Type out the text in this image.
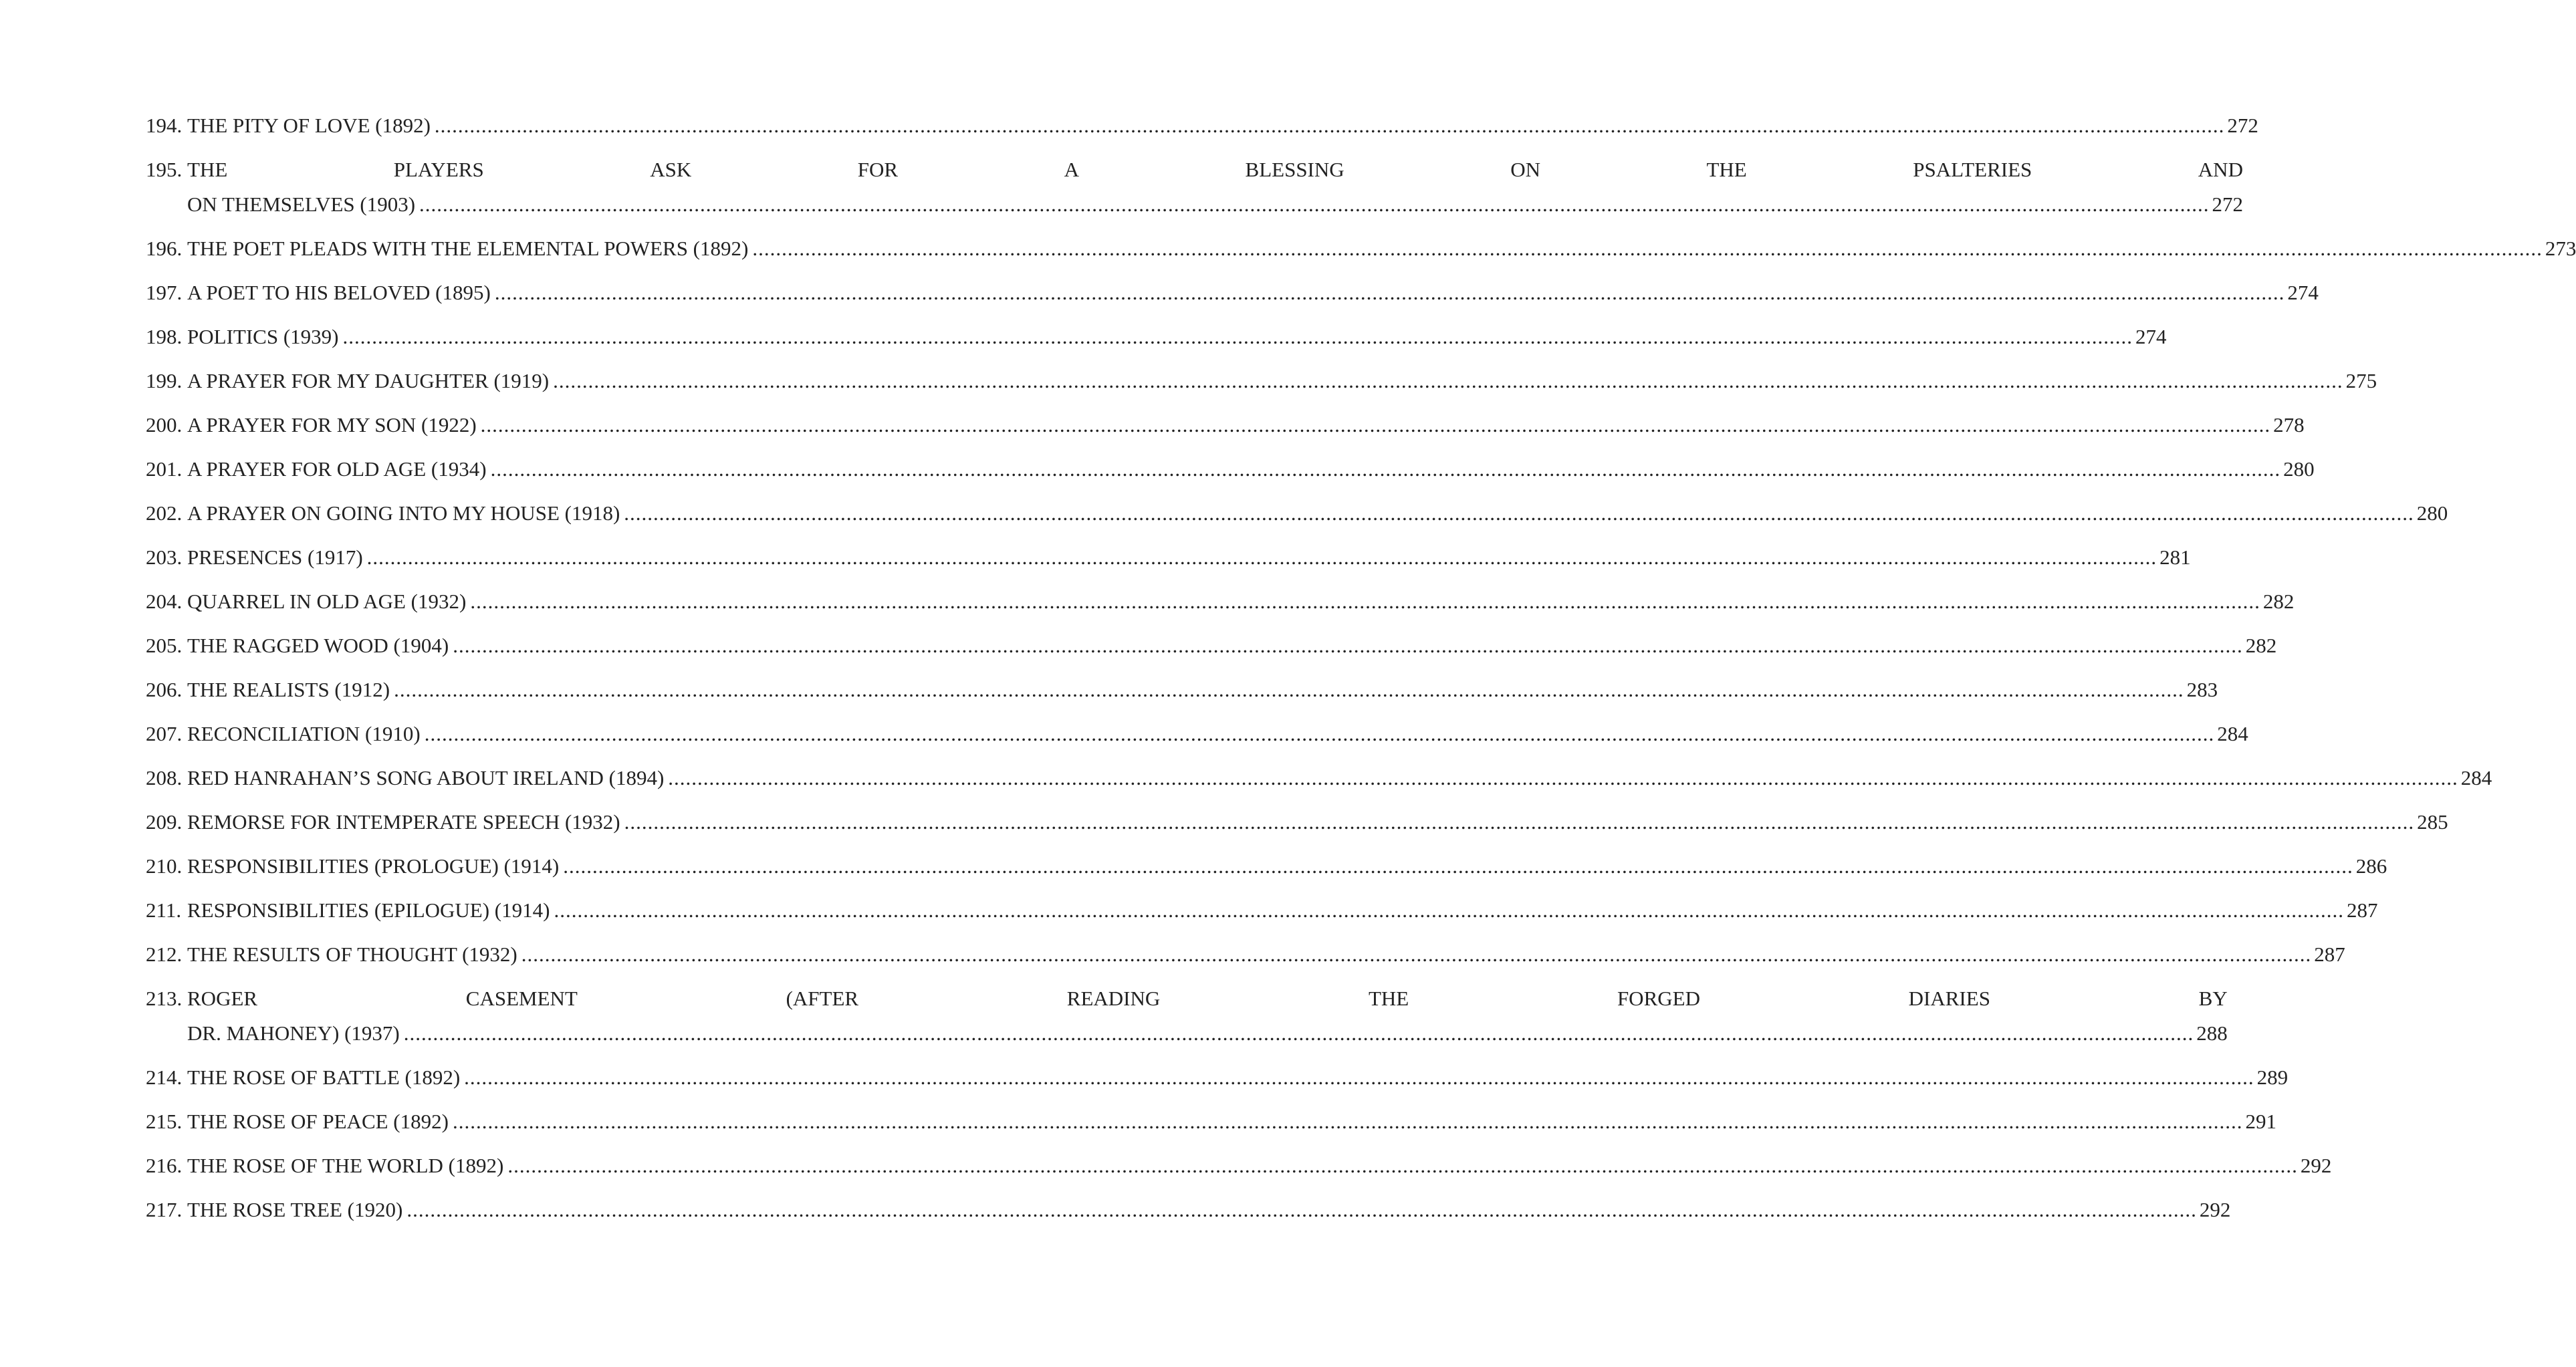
194. THE PITY OF LOVE (1892) .....	272
195. THE	PLAYERS	ASK	FOR	A	BLESSING	ON	THE	PSALTERIES	AND
ON THEMSELVES (1903) .....	272
196. THE POET PLEADS WITH THE ELEMENTAL POWERS (1892) .....	273
197. A POET TO HIS BELOVED (1895) .....	274
198. POLITICS (1939) .....	274
199. A PRAYER FOR MY DAUGHTER (1919) .....	275
200. A PRAYER FOR MY SON (1922) .....	278
201. A PRAYER FOR OLD AGE (1934) .....	280
202. A PRAYER ON GOING INTO MY HOUSE (1918) .....	280
203. PRESENCES (1917) .....	281
204. QUARREL IN OLD AGE (1932) .....	282
205. THE RAGGED WOOD (1904) .....	282
206. THE REALISTS (1912) .....	283
207. RECONCILIATION (1910) .....	284
208. RED HANRAHAN’S SONG ABOUT IRELAND (1894) .....	284
209. REMORSE FOR INTEMPERATE SPEECH (1932) .....	285
210. RESPONSIBILITIES (PROLOGUE) (1914) .....	286
211. RESPONSIBILITIES (EPILOGUE) (1914) .....	287
212. THE RESULTS OF THOUGHT (1932) .....	287
213. ROGER	CASEMENT	(AFTER	READING	THE	FORGED	DIARIES	BY
DR. MAHONEY) (1937) .....	288
214. THE ROSE OF BATTLE (1892) .....	289
215. THE ROSE OF PEACE (1892) .....	291
216. THE ROSE OF THE WORLD (1892) .....	292
217. THE ROSE TREE (1920) .....	292
